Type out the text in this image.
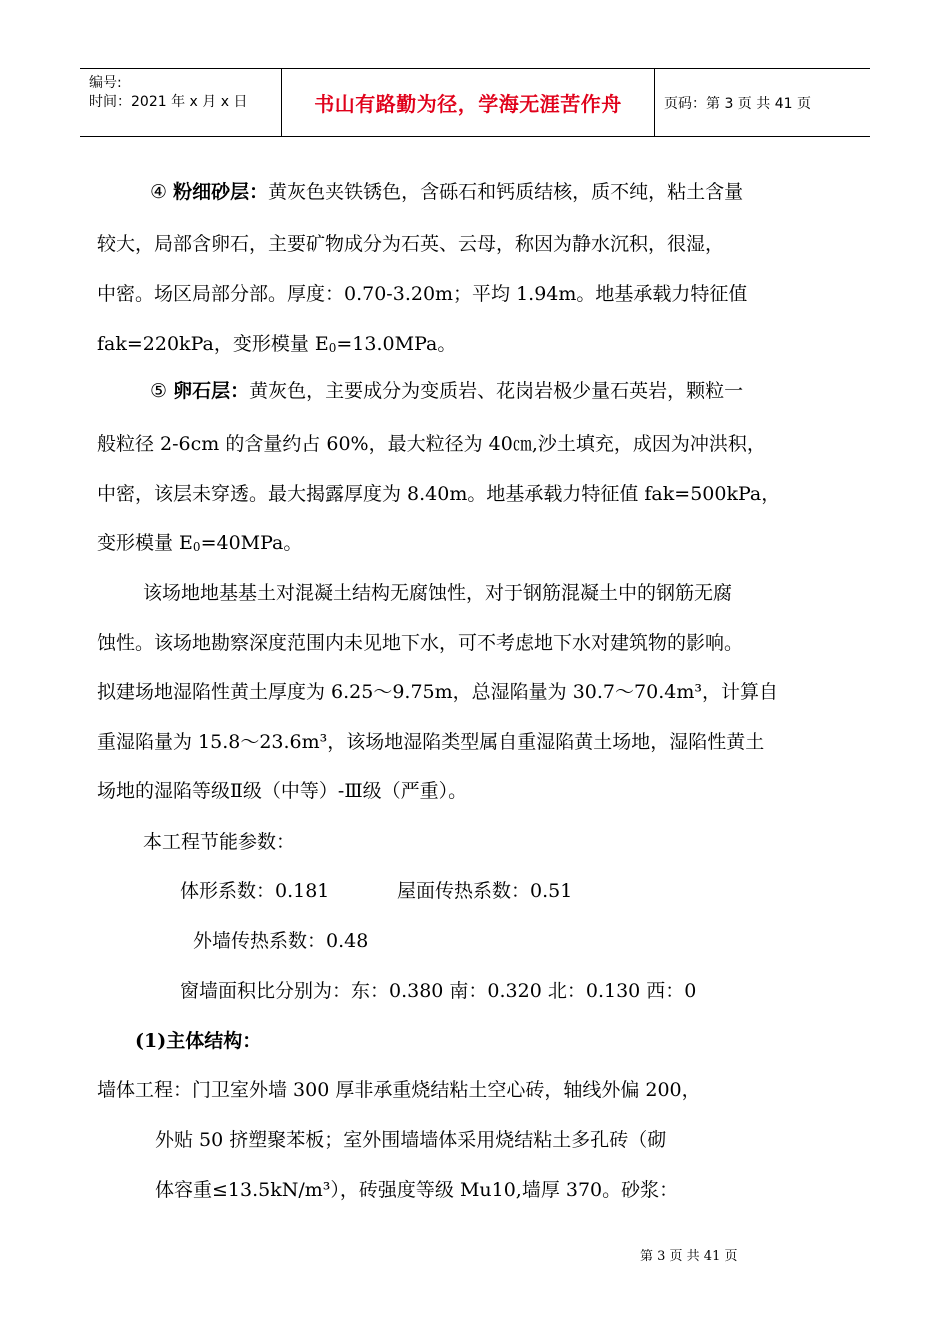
编号:
时间：2021 年 x 月 x 日	书山有路勤为径，学海无涯苦作舟	页码：第 3 页 共 41 页
④ 粉细砂层：黄灰色夹铁锈色，含砾石和钙质结核，质不纯，粘土含量
较大，局部含卵石，主要矿物成分为石英、云母，称因为静水沉积，很湿，
中密。场区局部分部。厚度：0.70-3.20m；平均 1.94m。地基承载力特征值
fak=220kPa，变形模量 $E_0=13.0MPa$。
⑤ 卵石层：黄灰色，主要成分为变质岩、花岗岩极少量石英岩，颗粒一
般粒径 2-6cm 的含量约占 60%，最大粒径为 40㎝,沙土填充，成因为冲洪积，
中密，该层未穿透。最大揭露厚度为 8.40m。地基承载力特征值 fak=500kPa，
变形模量 $E_0=40MPa$。
该场地地基基土对混凝土结构无腐蚀性，对于钢筋混凝土中的钢筋无腐
蚀性。该场地勘察深度范围内未见地下水，可不考虑地下水对建筑物的影响。
拟建场地湿陷性黄土厚度为 6.25～9.75m，总湿陷量为 30.7～70.4m³，计算自
重湿陷量为 15.8～23.6m³，该场地湿陷类型属自重湿陷黄土场地，湿陷性黄土
场地的湿陷等级Ⅱ级（中等）-Ⅲ级（严重）。
本工程节能参数：
体形系数：0.181	屋面传热系数：0.51
外墙传热系数：0.48
窗墙面积比分别为：东：0.380 南：0.320 北：0.130 西：0
(1)主体结构：
墙体工程：门卫室外墙 300 厚非承重烧结粘土空心砖，轴线外偏 200，
外贴 50 挤塑聚苯板；室外围墙墙体采用烧结粘土多孔砖（砌
体容重≤13.5kN/m³），砖强度等级 Mu10,墙厚 370。砂浆：
第 3 页 共 41 页
